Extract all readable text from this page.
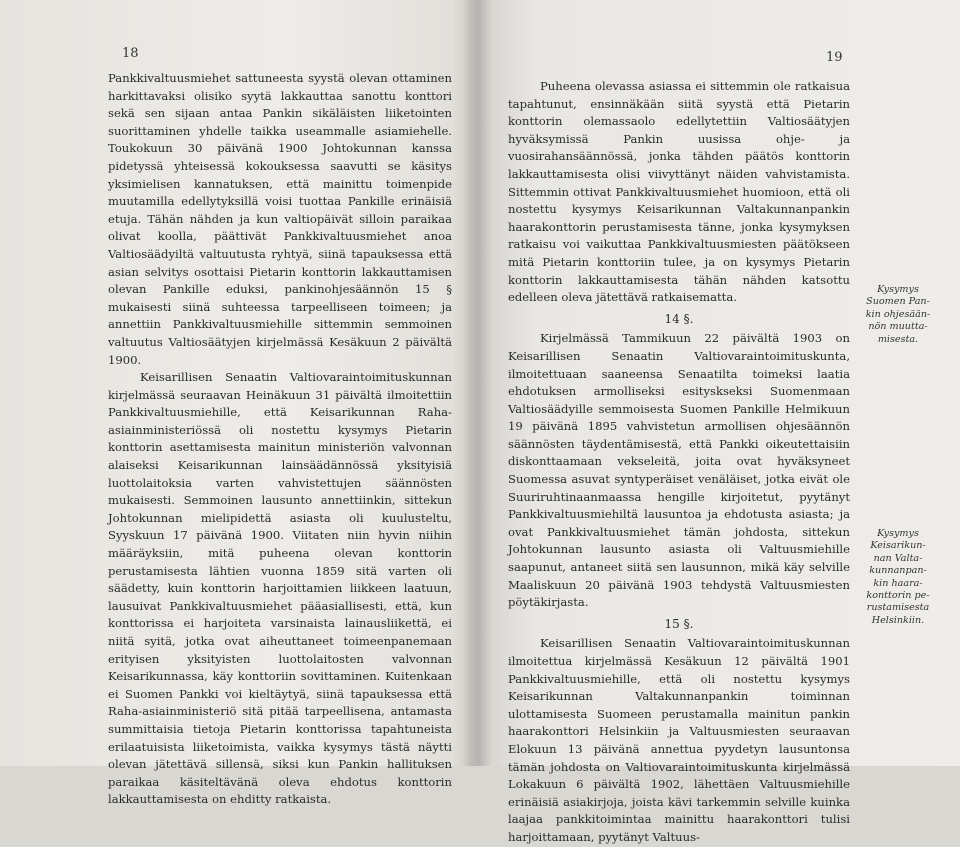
18	19

Pankkivaltuusmiehet sattuneesta syystä olevan ottaminen harkittavaksi olisiko syytä lakkauttaa sanottu konttori sekä sen sijaan antaa Pankin sikäläisten liiketointen suorittaminen yhdelle taikka useammalle asiamiehelle. Toukokuun 30 päivänä 1900 Johtokunnan kanssa pidetyssä yhteisessä kokouksessa saavutti se käsitys yksimielisen kannatuksen, että mainittu toimenpide muutamilla edellytyksillä voisi tuottaa Pankille erinäisiä etuja. Tähän nähden ja kun valtiopäivät silloin paraikaa olivat koolla, päättivät Pankkivaltuusmiehet anoa Valtiosäädyiltä valtuutusta ryhtyä, siinä tapauksessa että asian selvitys osottaisi Pietarin konttorin lakkauttamisen olevan Pankille eduksi, pankinohjesäännön 15 § mukaisesti siinä suhteessa tarpeelliseen toimeen; ja annettiin Pankkivaltuusmiehille sittemmin semmoinen valtuutus Valtiosäätyjen kirjelmässä Kesäkuun 2 päivältä 1900.

Keisarillisen Senaatin Valtiovaraintoimituskunnan kirjelmässä seuraavan Heinäkuun 31 päivältä ilmoitettiin Pankkivaltuusmiehille, että Keisarikunnan Raha-asiainministeriössä oli nostettu kysymys Pietarin konttorin asettamisesta mainitun ministeriön valvonnan alaiseksi Keisarikunnan lainsäädännössä yksityisiä luottolaitoksia varten vahvistettujen säännösten mukaisesti. Semmoinen lausunto annettiinkin, sittekun Johtokunnan mielipidettä asiasta oli kuulusteltu, Syyskuun 17 päivänä 1900. Viitaten niin hyvin niihin määräyksiin, mitä puheena olevan konttorin perustamisesta lähtien vuonna 1859 sitä varten oli säädetty, kuin konttorin harjoittamien liikkeen laatuun, lausuivat Pankkivaltuusmiehet pääasiallisesti, että, kun konttorissa ei harjoiteta varsinaista lainausliikettä, ei niitä syitä, jotka ovat aiheuttaneet toimeenpanemaan erityisen yksityisten luottolaitosten valvonnan Keisarikunnassa, käy konttoriin sovittaminen. Kuitenkaan ei Suomen Pankki voi kieltäytyä, siinä tapauksessa että Raha-asiainministeriö sitä pitää tarpeellisena, antamasta summittaisia tietoja Pietarin konttorissa tapahtuneista erilaatuisista liiketoimista, vaikka kysymys tästä näytti olevan jätettävä sillensä, siksi kun Pankin hallituksen paraikaa käsiteltävänä oleva ehdotus konttorin lakkauttamisesta on ehditty ratkaista.

Puheena olevassa asiassa ei sittemmin ole ratkaisua tapahtunut, ensinnäkään siitä syystä että Pietarin konttorin olemassaolo edellytettiin Valtiosäätyjen hyväksymissä Pankin uusissa ohje- ja vuosirahansäännössä, jonka tähden päätös konttorin lakkauttamisesta olisi viivyttänyt näiden vahvistamista. Sittemmin ottivat Pankkivaltuusmiehet huomioon, että oli nostettu kysymys Keisarikunnan Valtakunnanpankin haarakonttorin perustamisesta tänne, jonka kysymyksen ratkaisu voi vaikuttaa Pankkivaltuusmiesten päätökseen mitä Pietarin konttoriin tulee, ja on kysymys Pietarin konttorin lakkauttamisesta tähän nähden katsottu edelleen oleva jätettävä ratkaisematta.

14 §.

Kirjelmässä Tammikuun 22 päivältä 1903 on Keisarillisen Senaatin Valtiovaraintoimituskunta, ilmoitettuaan saaneensa Senaatilta toimeksi laatia ehdotuksen armolliseksi esityskseksi Suomenmaan Valtiosäädyille semmoisesta Suomen Pankille Helmikuun 19 päivänä 1895 vahvistetun armollisen ohjesäännön säännösten täydentämisestä, että Pankki oikeutettaisiin diskonttaamaan vekseleitä, joita ovat hyväksyneet Suomessa asuvat syntyperäiset venäläiset, jotka eivät ole Suuriruhtinaanmaassa hengille kirjoitetut, pyytänyt Pankkivaltuusmiehiltä lausuntoa ja ehdotusta asiasta; ja ovat Pankkivaltuusmiehet tämän johdosta, sittekun Johtokunnan lausunto asiasta oli Valtuusmiehille saapunut, antaneet siitä sen lausunnon, mikä käy selville Maaliskuun 20 päivänä 1903 tehdystä Valtuusmiesten pöytäkirjasta.

15 §.

Keisarillisen Senaatin Valtiovaraintoimituskunnan ilmoitettua kirjelmässä Kesäkuun 12 päivältä 1901 Pankkivaltuusmiehille, että oli nostettu kysymys Keisarikunnan Valtakunnanpankin toiminnan ulottamisesta Suomeen perustamalla mainitun pankin haarakonttori Helsinkiin ja Valtuusmiesten seuraavan Elokuun 13 päivänä annettua pyydetyn lausuntonsa tämän johdosta on Valtiovaraintoimituskunta kirjelmässä Lokakuun 6 päivältä 1902, lähettäen Valtuusmiehille erinäisiä asiakirjoja, joista kävi tarkemmin selville kuinka laajaa pankkitoimintaa mainittu haarakonttori tulisi harjoittamaan, pyytänyt Valtuus-

Kysymys
Suomen Pan-
kin ohjesään-
nön muutta-
misesta.
Kysymys
Keisarikun-
nan Valta-
kunnanpan-
kin haara-
konttorin pe-
rustamisesta
Helsinkiin.
